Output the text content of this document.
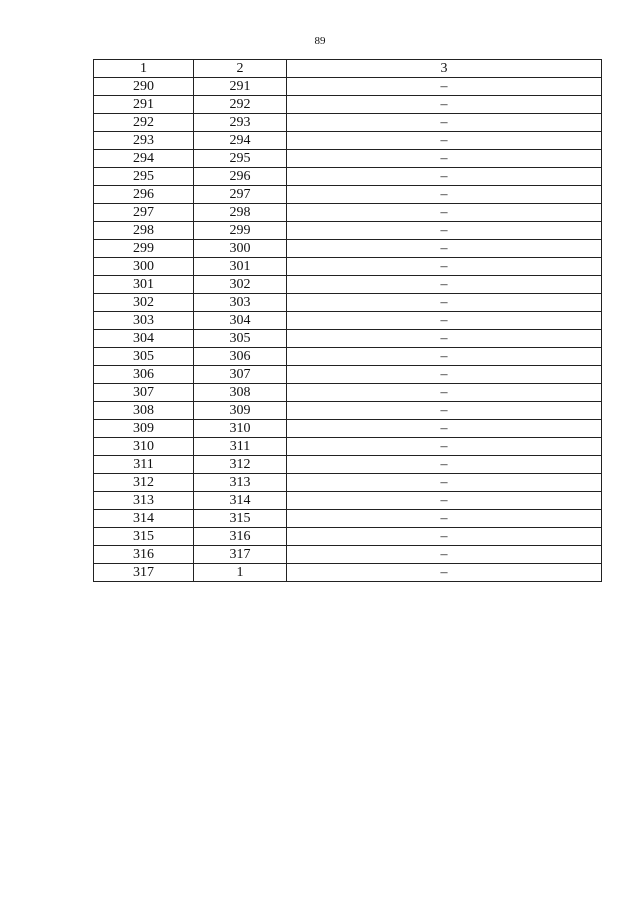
89
1	2	3
290	291	–
291	292	–
292	293	–
293	294	–
294	295	–
295	296	–
296	297	–
297	298	–
298	299	–
299	300	–
300	301	–
301	302	–
302	303	–
303	304	–
304	305	–
305	306	–
306	307	–
307	308	–
308	309	–
309	310	–
310	311	–
311	312	–
312	313	–
313	314	–
314	315	–
315	316	–
316	317	–
317	1	–
